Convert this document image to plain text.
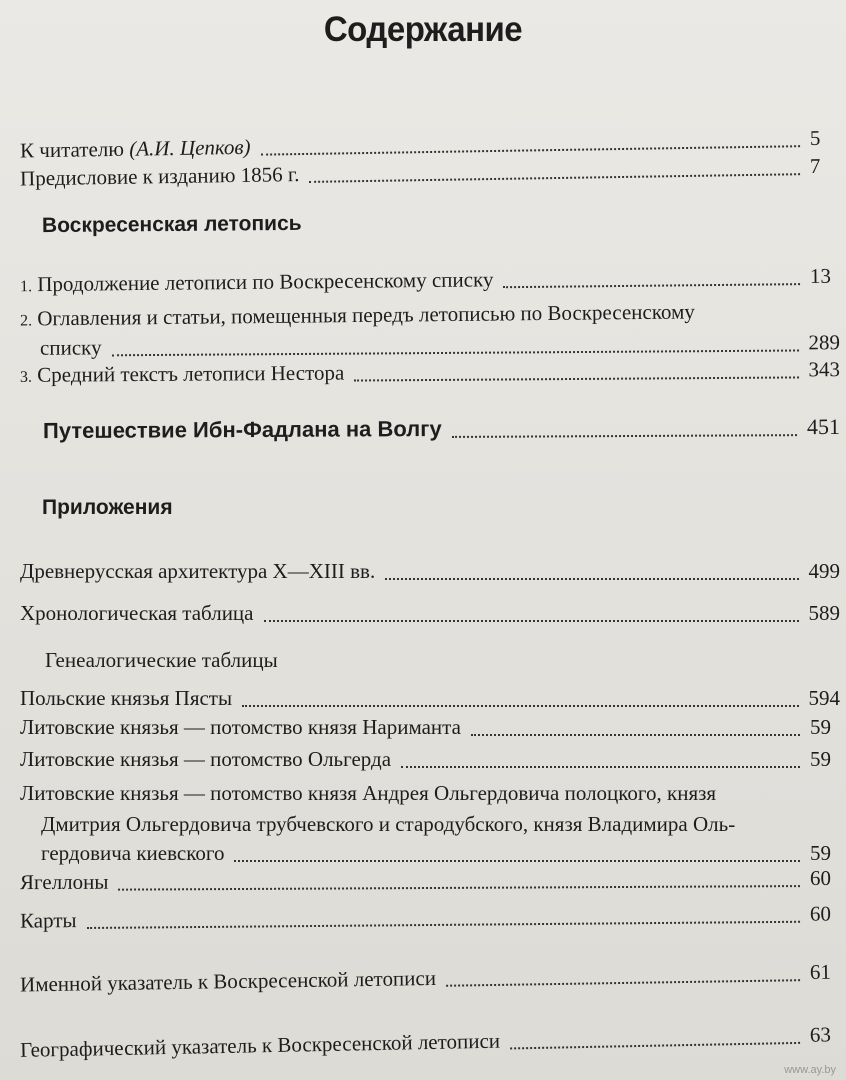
Содержание
К читателю (А.И. Цепков)	5
Предисловие к изданию 1856 г.	7
Воскресенская летопись
1. Продолжение летописи по Воскресенскому списку	13
2. Оглавления и статьи, помещенныя передъ летописью по Воскресенскому
списку	289
3. Средний текстъ летописи Нестора	343
Путешествие Ибн-Фадлана на Волгу	451
Приложения
Древнерусская архитектура X—XIII вв.	499
Хронологическая таблица	589
Генеалогические таблицы
Польские князья Пясты	594
Литовские князья — потомство князя Нариманта	59
Литовские князья — потомство Ольгерда	59
Литовские князья — потомство князя Андрея Ольгердовича полоцкого, князя
Дмитрия Ольгердовича трубчевского и стародубского, князя Владимира Оль-
гердовича киевского	59
Ягеллоны	60
Карты	60
Именной указатель к Воскресенской летописи	61
Географический указатель к Воскресенской летописи	63
www.ay.by
